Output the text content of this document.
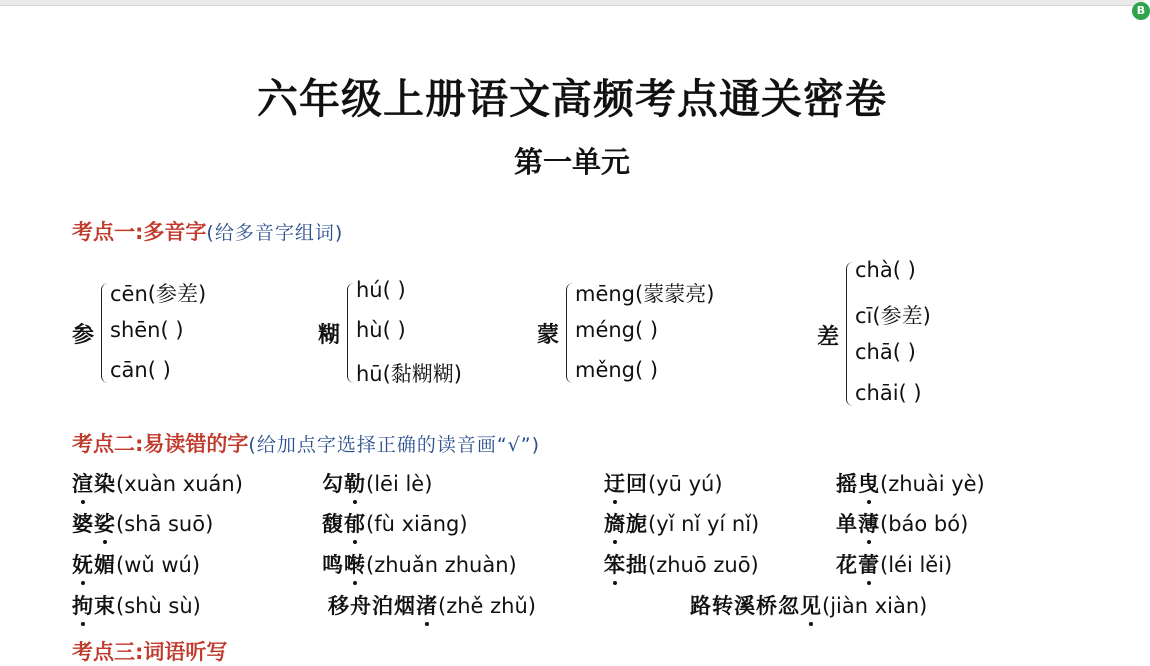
B
六年级上册语文高频考点通关密卷
第一单元
考点一:多音字(给多音字组词)
参
cēn(参差)
shēn( )
cān( )
糊
hú( )
hù( )
hū(黏糊糊)
蒙
mēng(蒙蒙亮)
méng( )
měng( )
差
chà( )
cī(参差)
chā( )
chāi( )
考点二:易读错的字(给加点字选择正确的读音画“√”)
渲染(xuàn xuán)	勾勒(lēi lè)	迂回(yū yú)	摇曳(zhuài yè)
婆娑(shā suō)	馥郁(fù xiāng)	旖旎(yǐ nǐ yí nǐ)	单薄(báo bó)
妩媚(wǔ wú)	鸣啭(zhuǎn zhuàn)	笨拙(zhuō zuō)	花蕾(léi lěi)
拘束(shù sù)	移舟泊烟渚(zhě zhǔ)	路转溪桥忽见(jiàn xiàn)
考点三:词语听写
